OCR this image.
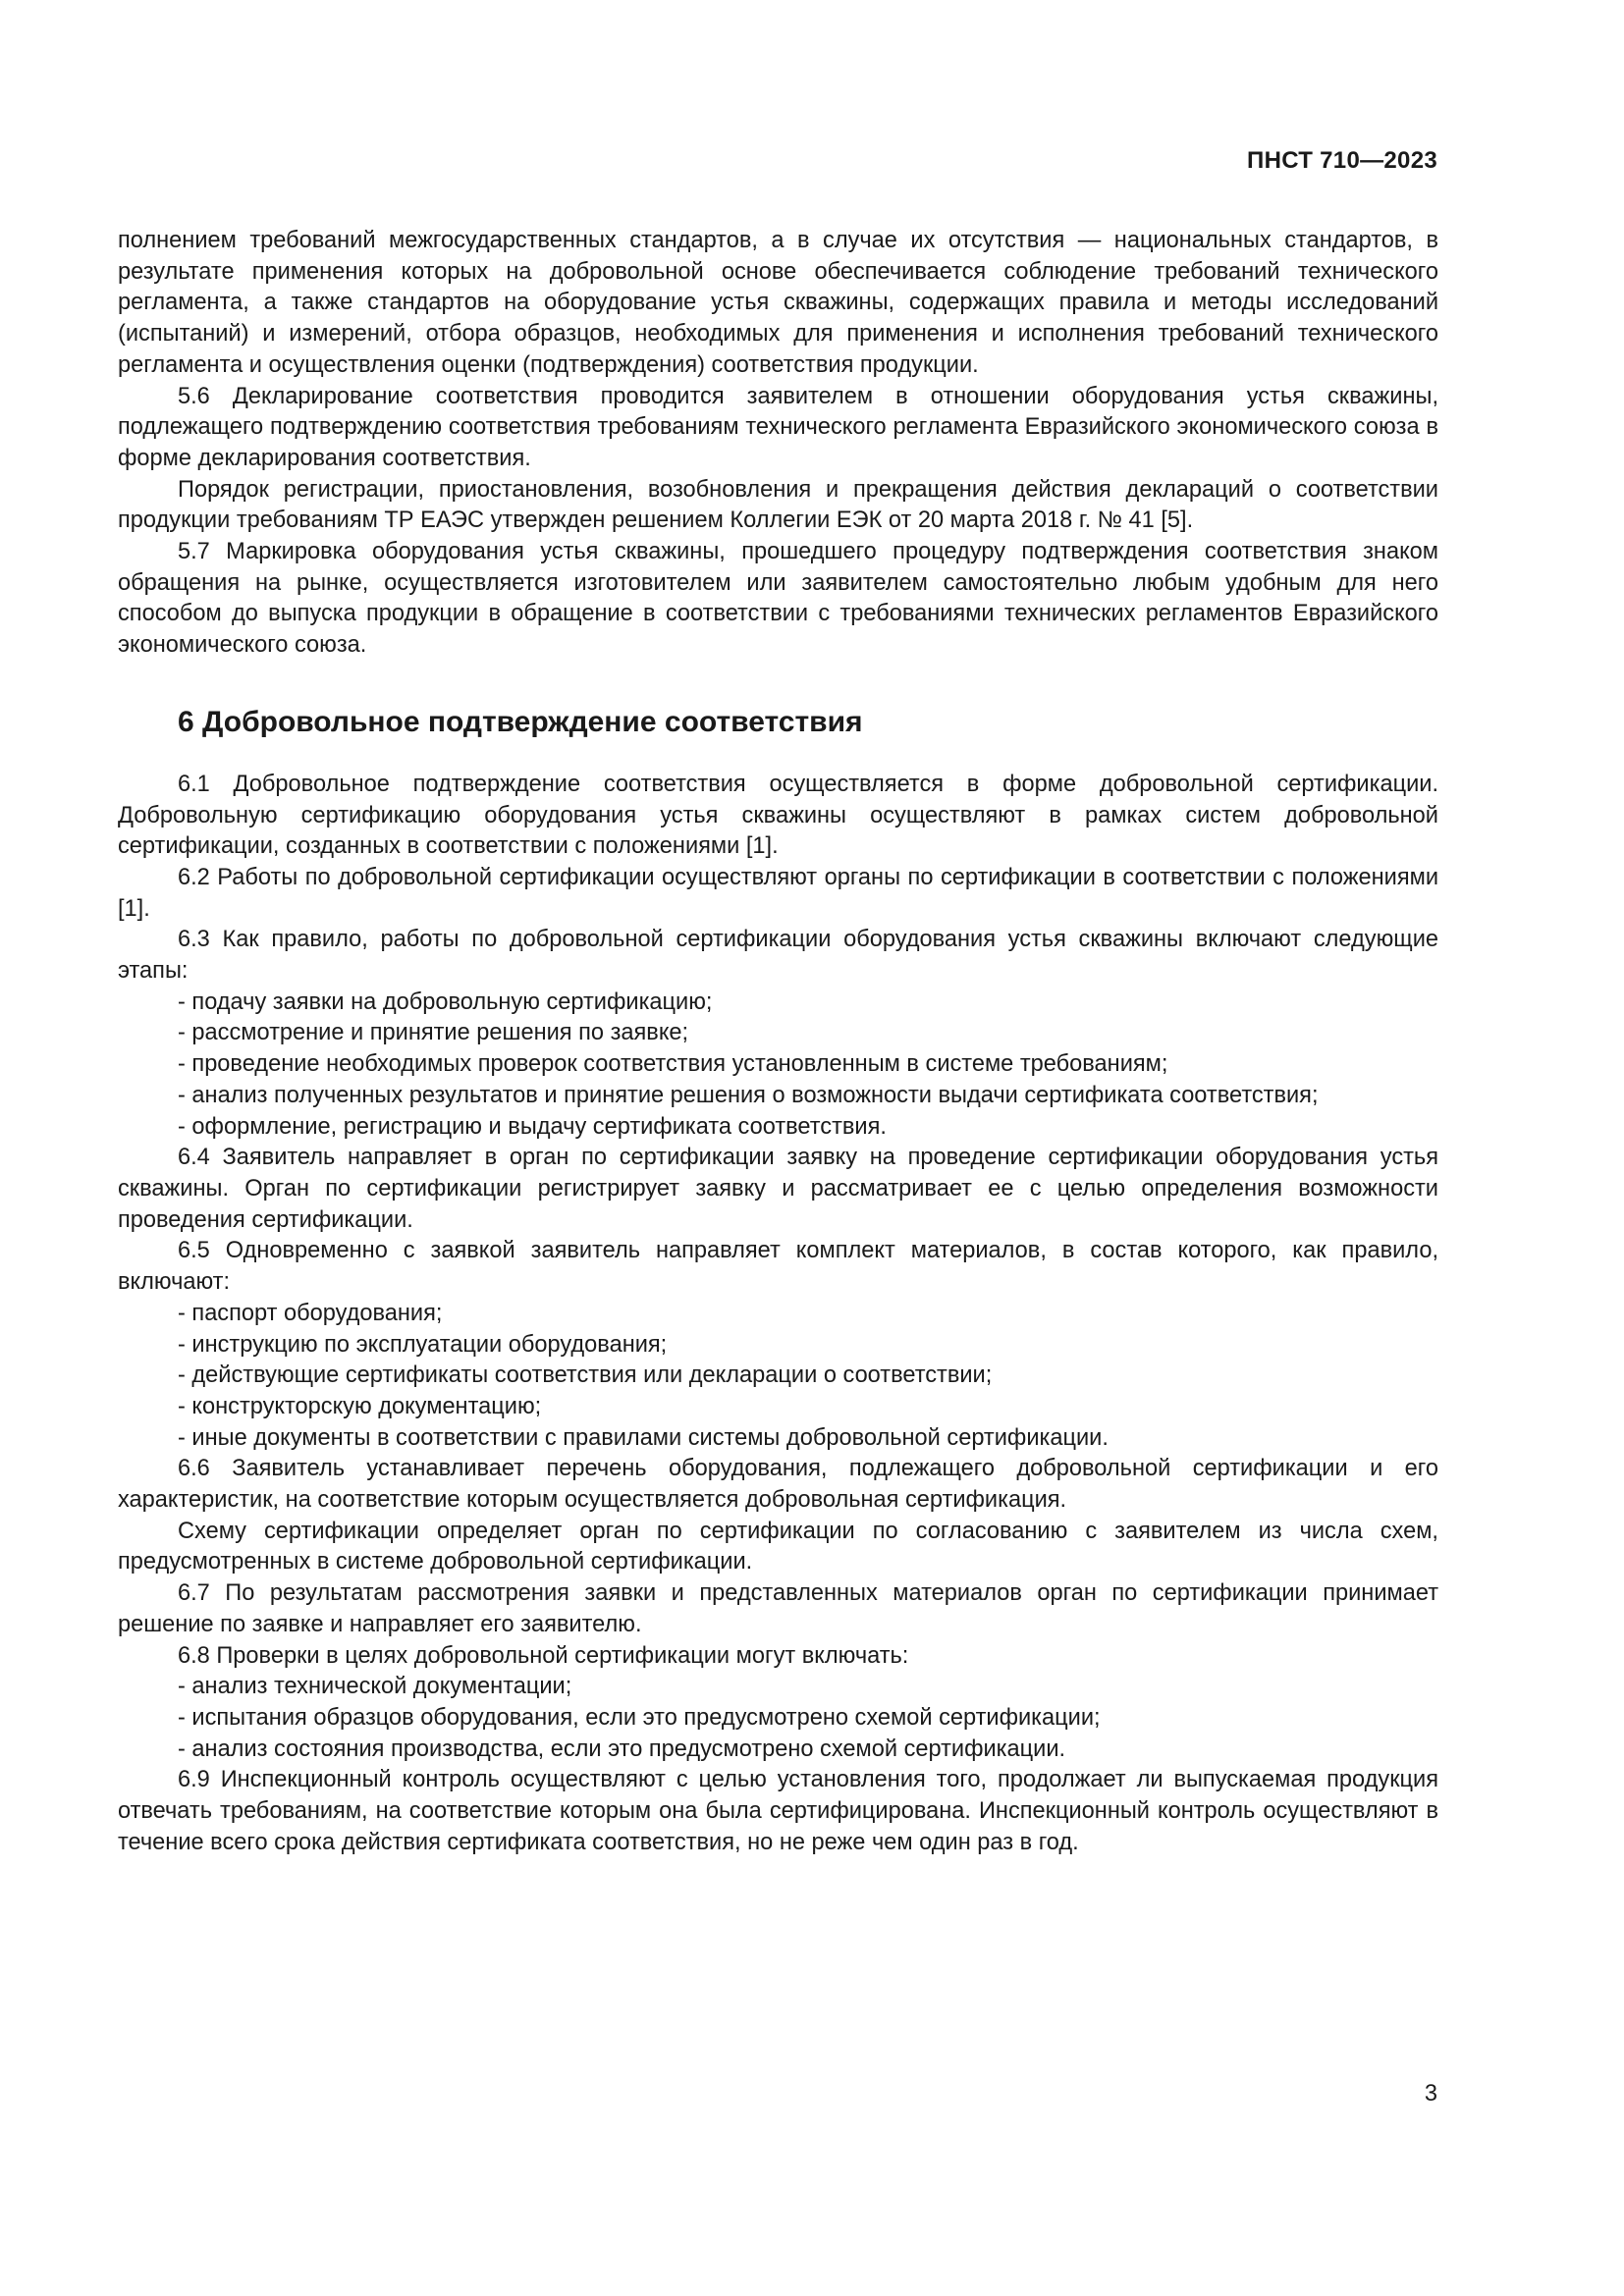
ПНСТ 710—2023

полнением требований межгосударственных стандартов, а в случае их отсутствия — национальных стандартов, в результате применения которых на добровольной основе обеспечивается соблюдение требований технического регламента, а также стандартов на оборудование устья скважины, содержащих правила и методы исследований (испытаний) и измерений, отбора образцов, необходимых для применения и исполнения требований технического регламента и осуществления оценки (подтверждения) соответствия продукции.

5.6 Декларирование соответствия проводится заявителем в отношении оборудования устья скважины, подлежащего подтверждению соответствия требованиям технического регламента Евразийского экономического союза в форме декларирования соответствия.

Порядок регистрации, приостановления, возобновления и прекращения действия деклараций о соответствии продукции требованиям ТР ЕАЭС утвержден решением Коллегии ЕЭК от 20 марта 2018 г. № 41 [5].

5.7 Маркировка оборудования устья скважины, прошедшего процедуру подтверждения соответствия знаком обращения на рынке, осуществляется изготовителем или заявителем самостоятельно любым удобным для него способом до выпуска продукции в обращение в соответствии с требованиями технических регламентов Евразийского экономического союза.

6 Добровольное подтверждение соответствия

6.1 Добровольное подтверждение соответствия осуществляется в форме добровольной сертификации. Добровольную сертификацию оборудования устья скважины осуществляют в рамках систем добровольной сертификации, созданных в соответствии с положениями [1].

6.2 Работы по добровольной сертификации осуществляют органы по сертификации в соответствии с положениями [1].

6.3 Как правило, работы по добровольной сертификации оборудования устья скважины включают следующие этапы:

- подачу заявки на добровольную сертификацию;

- рассмотрение и принятие решения по заявке;

- проведение необходимых проверок соответствия установленным в системе требованиям;

- анализ полученных результатов и принятие решения о возможности выдачи сертификата соответствия;

- оформление, регистрацию и выдачу сертификата соответствия.

6.4 Заявитель направляет в орган по сертификации заявку на проведение сертификации оборудования устья скважины. Орган по сертификации регистрирует заявку и рассматривает ее с целью определения возможности проведения сертификации.

6.5 Одновременно с заявкой заявитель направляет комплект материалов, в состав которого, как правило, включают:

- паспорт оборудования;

- инструкцию по эксплуатации оборудования;

- действующие сертификаты соответствия или декларации о соответствии;

- конструкторскую документацию;

- иные документы в соответствии с правилами системы добровольной сертификации.

6.6 Заявитель устанавливает перечень оборудования, подлежащего добровольной сертификации и его характеристик, на соответствие которым осуществляется добровольная сертификация.

Схему сертификации определяет орган по сертификации по согласованию с заявителем из числа схем, предусмотренных в системе добровольной сертификации.

6.7 По результатам рассмотрения заявки и представленных материалов орган по сертификации принимает решение по заявке и направляет его заявителю.

6.8 Проверки в целях добровольной сертификации могут включать:

- анализ технической документации;

- испытания образцов оборудования, если это предусмотрено схемой сертификации;

- анализ состояния производства, если это предусмотрено схемой сертификации.

6.9 Инспекционный контроль осуществляют с целью установления того, продолжает ли выпускаемая продукция отвечать требованиям, на соответствие которым она была сертифицирована. Инспекционный контроль осуществляют в течение всего срока действия сертификата соответствия, но не реже чем один раз в год.

3
